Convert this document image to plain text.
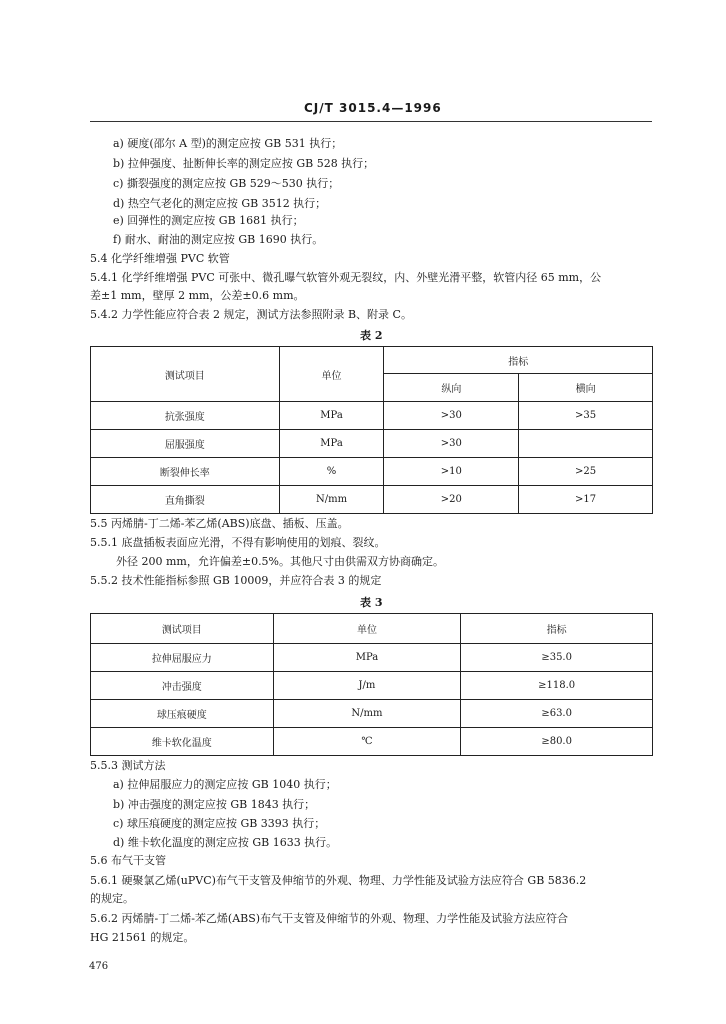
CJ/T 3015.4—1996
a) 硬度(邵尔 A 型)的测定应按 GB 531 执行；
b) 拉伸强度、扯断伸长率的测定应按 GB 528 执行；
c) 撕裂强度的测定应按 GB 529～530 执行；
d) 热空气老化的测定应按 GB 3512 执行；
e) 回弹性的测定应按 GB 1681 执行；
f) 耐水、耐油的测定应按 GB 1690 执行。
5.4 化学纤维增强 PVC 软管
5.4.1 化学纤维增强 PVC 可张中、微孔曝气软管外观无裂纹，内、外壁光滑平整，软管内径 65 mm，公
差±1 mm，壁厚 2 mm，公差±0.6 mm。
5.4.2 力学性能应符合表 2 规定，测试方法参照附录 B、附录 C。
表 2
测试项目	单位	指标	
		纵向	横向
抗张强度	MPa	>30	>35
屈服强度	MPa	>30	
断裂伸长率	%	>10	>25
直角撕裂	N/mm	>20	>17
5.5 丙烯腈-丁二烯-苯乙烯(ABS)底盘、插板、压盖。
5.5.1 底盘插板表面应光滑，不得有影响使用的划痕、裂纹。
外径 200 mm，允许偏差±0.5%。其他尺寸由供需双方协商确定。
5.5.2 技术性能指标参照 GB 10009，并应符合表 3 的规定
表 3
测试项目	单位	指标
拉伸屈服应力	MPa	≥35.0
冲击强度	J/m	≥118.0
球压痕硬度	N/mm	≥63.0
维卡软化温度	℃	≥80.0
5.5.3 测试方法
a) 拉伸屈服应力的测定应按 GB 1040 执行；
b) 冲击强度的测定应按 GB 1843 执行；
c) 球压痕硬度的测定应按 GB 3393 执行；
d) 维卡软化温度的测定应按 GB 1633 执行。
5.6 布气干支管
5.6.1 硬聚氯乙烯(uPVC)布气干支管及伸缩节的外观、物理、力学性能及试验方法应符合 GB 5836.2
的规定。
5.6.2 丙烯腈-丁二烯-苯乙烯(ABS)布气干支管及伸缩节的外观、物理、力学性能及试验方法应符合
HG 21561 的规定。
476
